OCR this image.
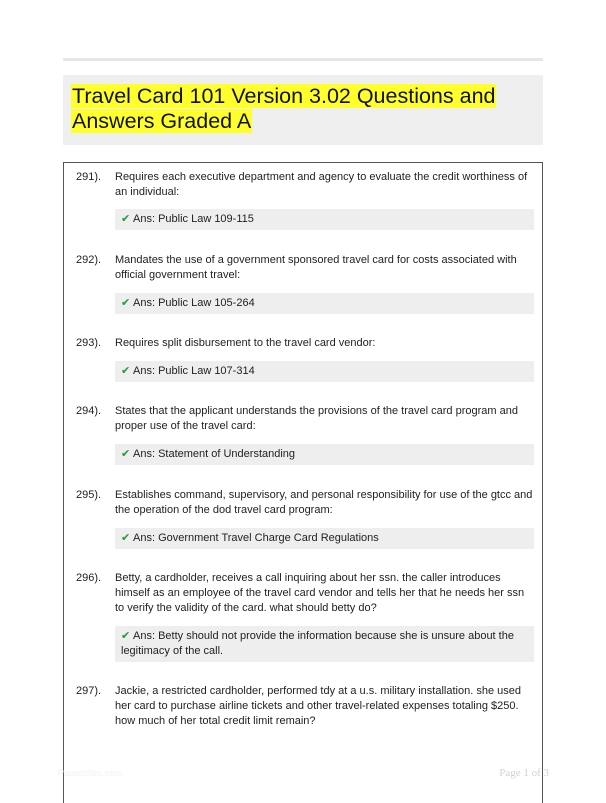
Travel Card 101 Version 3.02 Questions and Answers Graded A
291). Requires each executive department and agency to evaluate the credit worthiness of an individual:
✔ Ans: Public Law 109-115
292). Mandates the use of a government sponsored travel card for costs associated with official government travel:
✔ Ans: Public Law 105-264
293). Requires split disbursement to the travel card vendor:
✔ Ans: Public Law 107-314
294). States that the applicant understands the provisions of the travel card program and proper use of the travel card:
✔ Ans: Statement of Understanding
295). Establishes command, supervisory, and personal responsibility for use of the gtcc and the operation of the dod travel card program:
✔ Ans: Government Travel Charge Card Regulations
296). Betty, a cardholder, receives a call inquiring about her ssn. the caller introduces himself as an employee of the travel card vendor and tells her that he needs her ssn to verify the validity of the card. what should betty do?
✔ Ans: Betty should not provide the information because she is unsure about the legitimacy of the call.
297). Jackie, a restricted cardholder, performed tdy at a u.s. military installation. she used her card to purchase airline tickets and other travel-related expenses totaling $250. how much of her total credit limit remain?
Paperbllbic.com	Page 1 of 3
